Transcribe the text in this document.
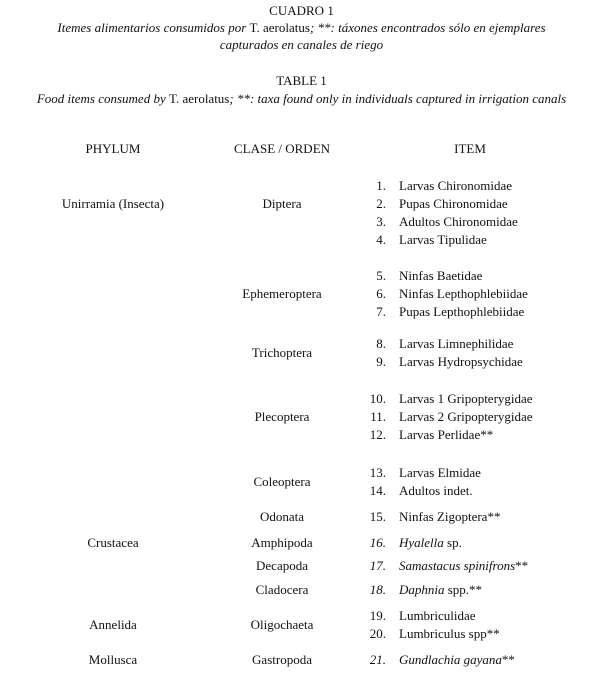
CUADRO 1
Itemes alimentarios consumidos por T. aerolatus; **: táxones encontrados sólo en ejemplares
capturados en canales de riego
TABLE 1
Food items consumed by T. aerolatus; **: taxa found only in individuals captured in irrigation canals
PHYLUM	CLASE / ORDEN	ITEM
Unirramia (Insecta)
Crustacea
Annelida
Mollusca
Diptera
Ephemeroptera
Trichoptera
Plecoptera
Coleoptera
Odonata
Amphipoda
Decapoda
Cladocera
Oligochaeta
Gastropoda
1.
2.
3.
4.
5.
6.
7.
8.
9.
10.
11.
12.
13.
14.
15.
16.
17.
18.
19.
20.
21.
Larvas Chironomidae
Pupas Chironomidae
Adultos Chironomidae
Larvas Tipulidae
Ninfas Baetidae
Ninfas Lepthophlebiidae
Pupas Lepthophlebiidae
Larvas Limnephilidae
Larvas Hydropsychidae
Larvas 1 Gripopterygidae
Larvas 2 Gripopterygidae
Larvas Perlidae**
Larvas Elmidae
Adultos indet.
Ninfas Zigoptera**
Hyalella sp.
Samastacus spinifrons**
Daphnia spp.**
Lumbriculidae
Lumbriculus spp**
Gundlachia gayana**
